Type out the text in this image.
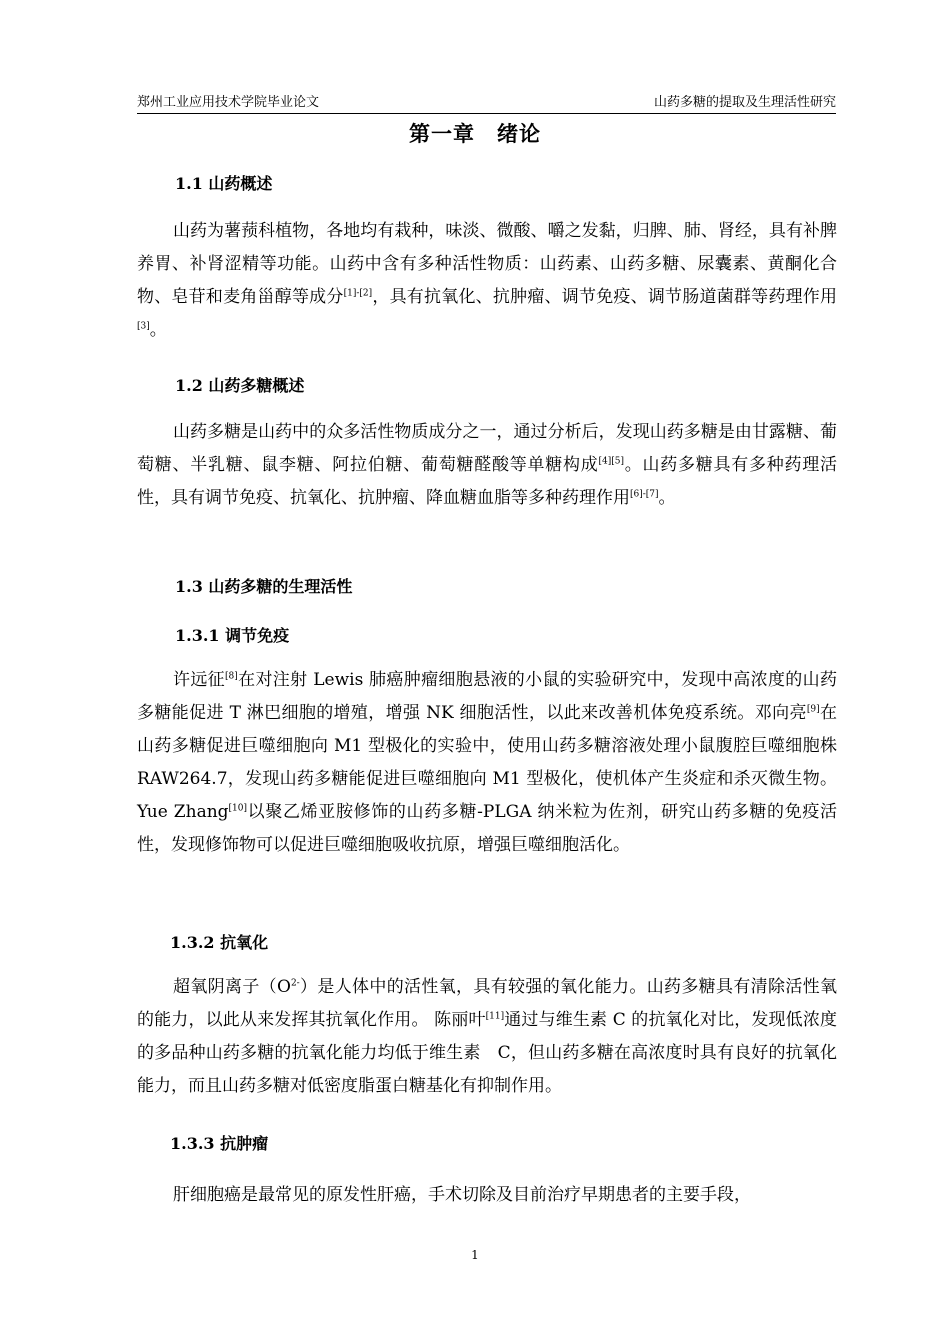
郑州工业应用技术学院毕业论文	山药多糖的提取及生理活性研究
第一章　绪论
1.1 山药概述

山药为薯蓣科植物，各地均有栽种，味淡、微酸、嚼之发黏，归脾、肺、肾经，具有补脾养胃、补肾涩精等功能。山药中含有多种活性物质：山药素、山药多糖、尿囊素、黄酮化合物、皂苷和麦角甾醇等成分[1]-[2]，具有抗氧化、抗肿瘤、调节免疫、调节肠道菌群等药理作用[3]。

1.2 山药多糖概述

山药多糖是山药中的众多活性物质成分之一，通过分析后，发现山药多糖是由甘露糖、葡萄糖、半乳糖、鼠李糖、阿拉伯糖、葡萄糖醛酸等单糖构成[4][5]。山药多糖具有多种药理活性，具有调节免疫、抗氧化、抗肿瘤、降血糖血脂等多种药理作用[6]-[7]。

1.3 山药多糖的生理活性
1.3.1 调节免疫

许远征[8]在对注射 Lewis 肺癌肿瘤细胞悬液的小鼠的实验研究中，发现中高浓度的山药多糖能促进 T 淋巴细胞的增殖，增强 NK 细胞活性，以此来改善机体免疫系统。邓向亮[9]在山药多糖促进巨噬细胞向 M1 型极化的实验中，使用山药多糖溶液处理小鼠腹腔巨噬细胞株 RAW264.7，发现山药多糖能促进巨噬细胞向 M1 型极化，使机体产生炎症和杀灭微生物。Yue Zhang[10]以聚乙烯亚胺修饰的山药多糖-PLGA 纳米粒为佐剂，研究山药多糖的免疫活性，发现修饰物可以促进巨噬细胞吸收抗原，增强巨噬细胞活化。

1.3.2 抗氧化

超氧阴离子$(O^{2-})$是人体中的活性氧，具有较强的氧化能力。山药多糖具有清除活性氧的能力，以此从来发挥其抗氧化作用。 陈丽叶[11]通过与维生素 C 的抗氧化对比，发现低浓度的多品种山药多糖的抗氧化能力均低于维生素　C，但山药多糖在高浓度时具有良好的抗氧化能力，而且山药多糖对低密度脂蛋白糖基化有抑制作用。

1.3.3 抗肿瘤

肝细胞癌是最常见的原发性肝癌，手术切除及目前治疗早期患者的主要手段，

1
